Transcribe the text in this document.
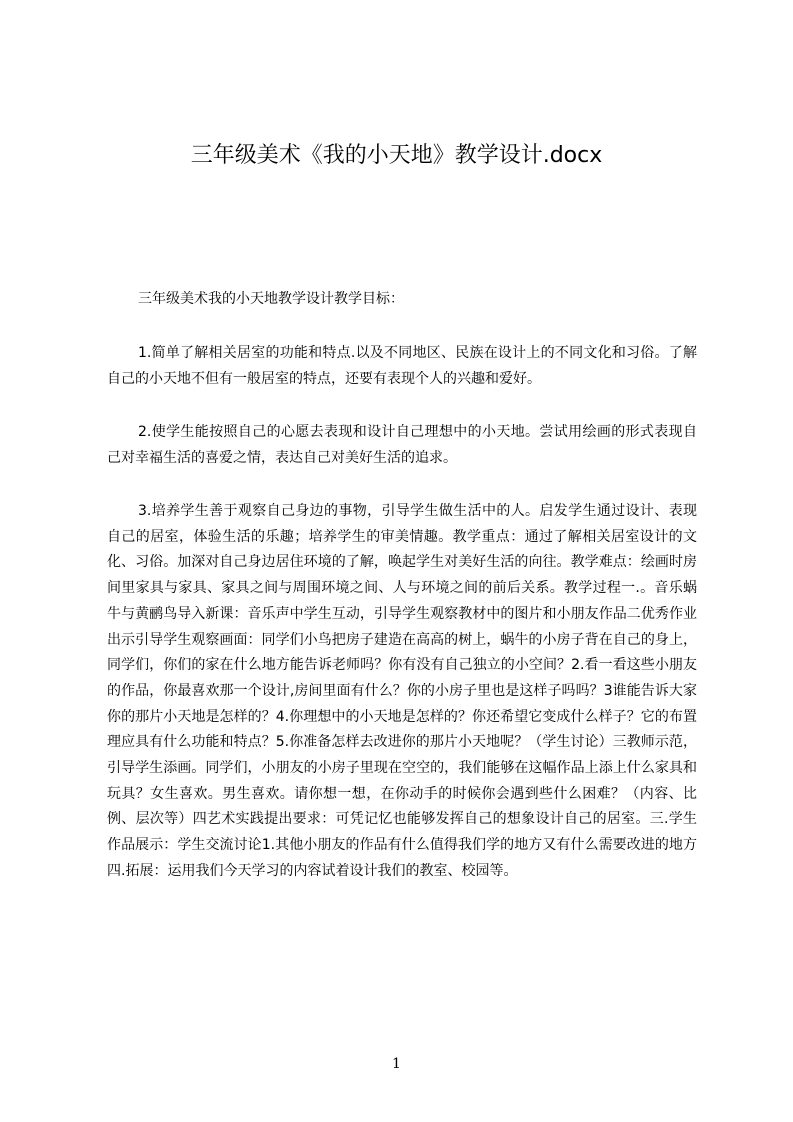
三年级美术《我的小天地》教学设计.docx
三年级美术我的小天地教学设计教学目标：

1.简单了解相关居室的功能和特点.以及不同地区、民族在设计上的不同文化和习俗。了解自己的小天地不但有一般居室的特点，还要有表现个人的兴趣和爱好。

2.使学生能按照自己的心愿去表现和设计自己理想中的小天地。尝试用绘画的形式表现自己对幸福生活的喜爱之情，表达自己对美好生活的追求。

3.培养学生善于观察自己身边的事物，引导学生做生活中的人。启发学生通过设计、表现自己的居室，体验生活的乐趣；培养学生的审美情趣。教学重点：通过了解相关居室设计的文化、习俗。加深对自己身边居住环境的了解，唤起学生对美好生活的向往。教学难点：绘画时房间里家具与家具、家具之间与周围环境之间、人与环境之间的前后关系。教学过程一.。音乐蜗牛与黄鹂鸟导入新课：音乐声中学生互动，引导学生观察教材中的图片和小朋友作品二优秀作业出示引导学生观察画面：同学们小鸟把房子建造在高高的树上，蜗牛的小房子背在自己的身上，同学们，你们的家在什么地方能告诉老师吗？你有没有自己独立的小空间？2.看一看这些小朋友的作品，你最喜欢那一个设计,房间里面有什么？你的小房子里也是这样子吗吗？3谁能告诉大家你的那片小天地是怎样的？4.你理想中的小天地是怎样的？你还希望它变成什么样子？它的布置理应具有什么功能和特点？5.你准备怎样去改进你的那片小天地呢？（学生讨论）三教师示范，引导学生添画。同学们，小朋友的小房子里现在空空的，我们能够在这幅作品上添上什么家具和玩具？女生喜欢。男生喜欢。请你想一想，在你动手的时候你会遇到些什么困难？（内容、比例、层次等）四艺术实践提出要求：可凭记忆也能够发挥自己的想象设计自己的居室。三.学生作品展示：学生交流讨论1.其他小朋友的作品有什么值得我们学的地方又有什么需要改进的地方四.拓展：运用我们今天学习的内容试着设计我们的教室、校园等。

1
